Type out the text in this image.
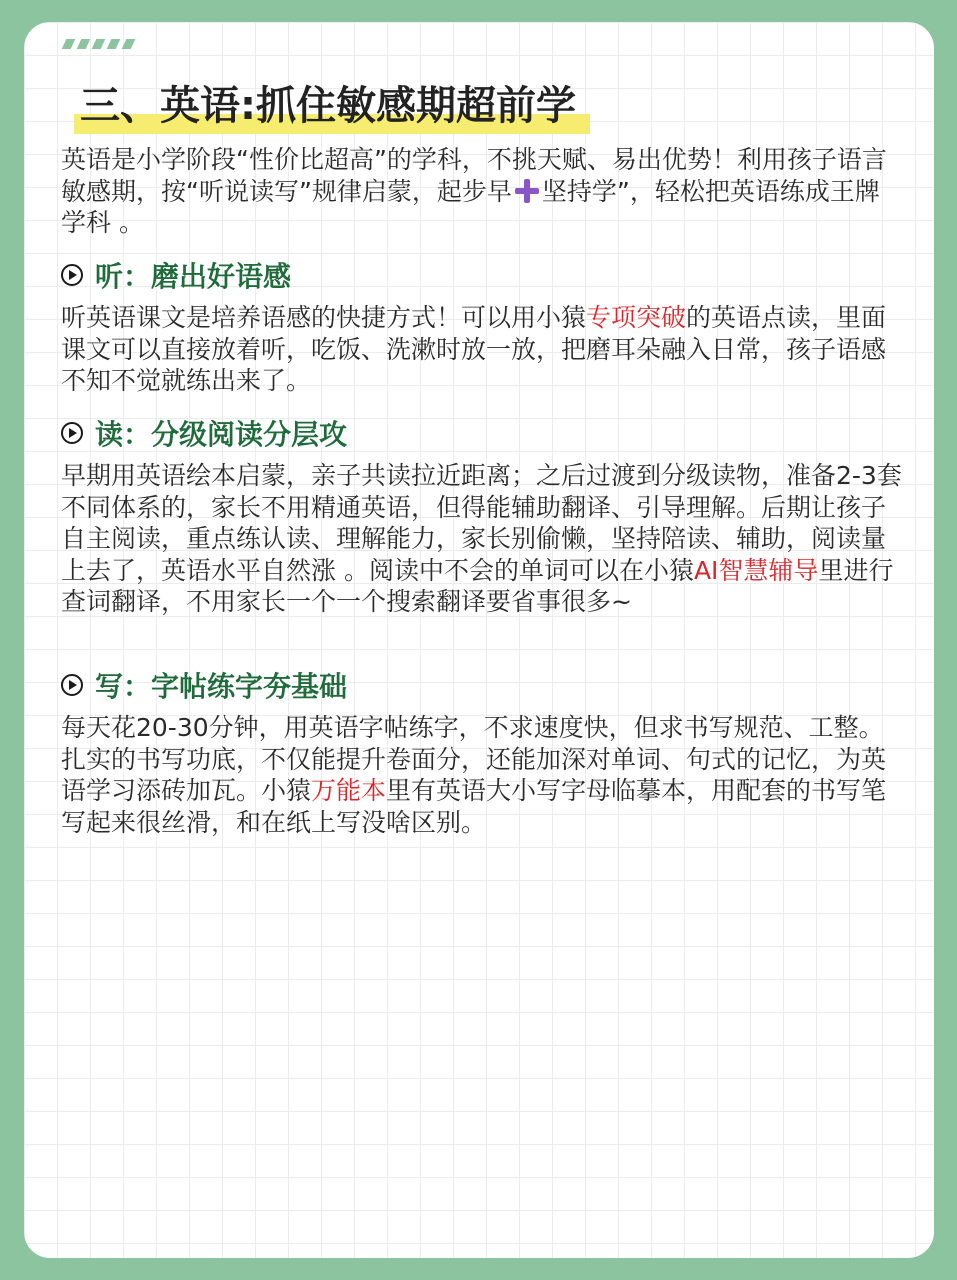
三、英语:抓住敏感期超前学

英语是小学阶段“性价比超高”的学科，不挑天赋、易出优势！利用孩子语言敏感期，按“听说读写”规律启蒙，起步早 坚持学”，轻松把英语练成王牌学科 。

听：磨出好语感

听英语课文是培养语感的快捷方式！可以用小猿专项突破的英语点读，里面课文可以直接放着听，吃饭、洗漱时放一放，把磨耳朵融入日常，孩子语感不知不觉就练出来了。

读：分级阅读分层攻

早期用英语绘本启蒙，亲子共读拉近距离；之后过渡到分级读物，准备2-3套不同体系的，家长不用精通英语，但得能辅助翻译、引导理解。后期让孩子自主阅读，重点练认读、理解能力，家长别偷懒，坚持陪读、辅助，阅读量上去了，英语水平自然涨 。阅读中不会的单词可以在小猿AI智慧辅导里进行查词翻译，不用家长一个一个搜索翻译要省事很多~

写：字帖练字夯基础

每天花20-30分钟，用英语字帖练字，不求速度快，但求书写规范、工整。扎实的书写功底，不仅能提升卷面分，还能加深对单词、句式的记忆，为英语学习添砖加瓦。小猿万能本里有英语大小写字母临摹本，用配套的书写笔写起来很丝滑，和在纸上写没啥区别。
